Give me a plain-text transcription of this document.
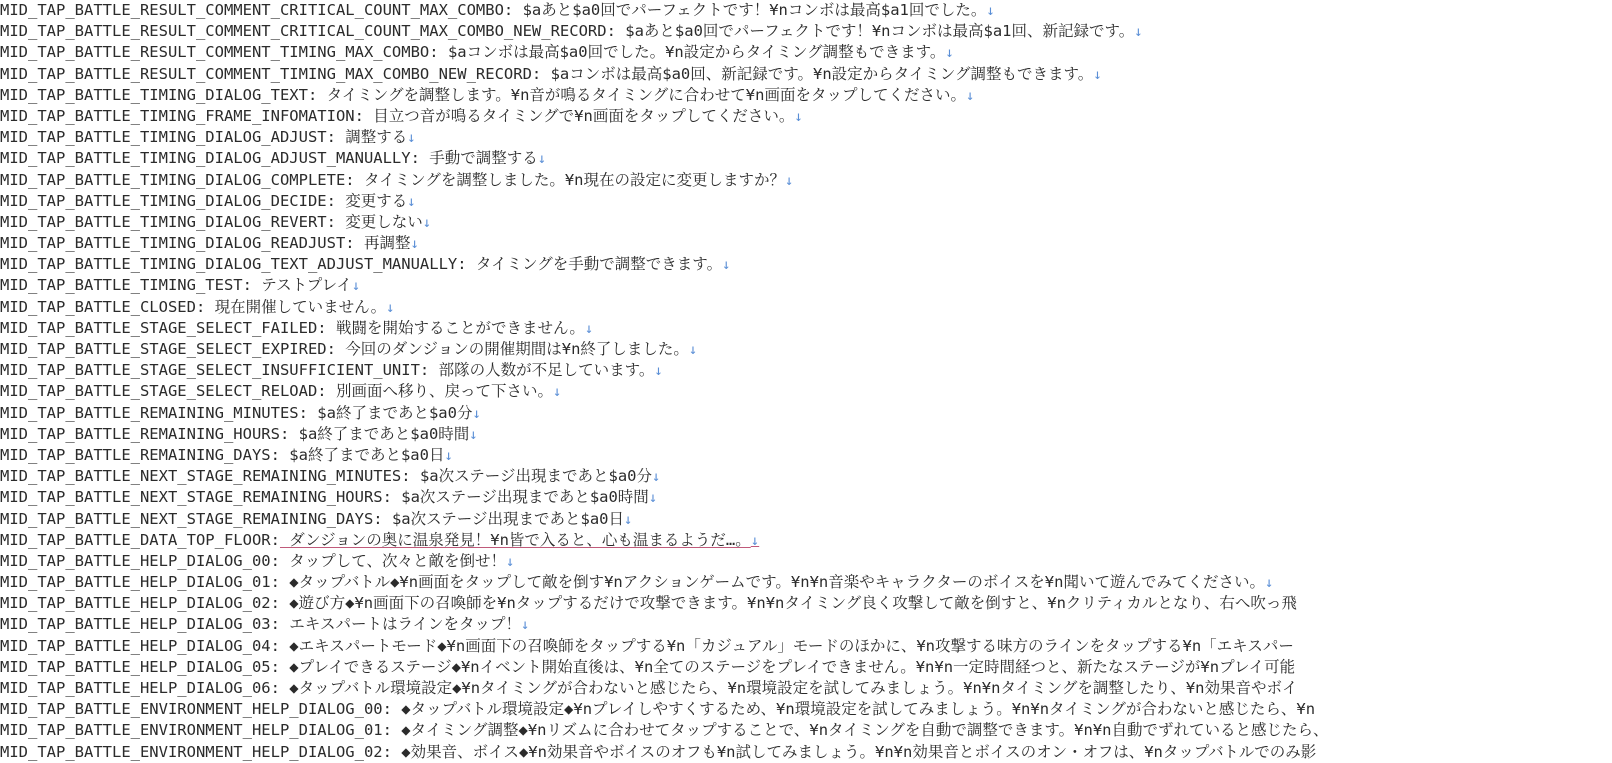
MID_TAP_BATTLE_RESULT_COMMENT_CRITICAL_COUNT_MAX_COMBO: $aあと$a0回でパーフェクトです！¥nコンボは最高$a1回でした。↓
MID_TAP_BATTLE_RESULT_COMMENT_CRITICAL_COUNT_MAX_COMBO_NEW_RECORD: $aあと$a0回でパーフェクトです！¥nコンボは最高$a1回、新記録です。↓
MID_TAP_BATTLE_RESULT_COMMENT_TIMING_MAX_COMBO: $aコンボは最高$a0回でした。¥n設定からタイミング調整もできます。↓
MID_TAP_BATTLE_RESULT_COMMENT_TIMING_MAX_COMBO_NEW_RECORD: $aコンボは最高$a0回、新記録です。¥n設定からタイミング調整もできます。↓
MID_TAP_BATTLE_TIMING_DIALOG_TEXT: タイミングを調整します。¥n音が鳴るタイミングに合わせて¥n画面をタップしてください。↓
MID_TAP_BATTLE_TIMING_FRAME_INFOMATION: 目立つ音が鳴るタイミングで¥n画面をタップしてください。↓
MID_TAP_BATTLE_TIMING_DIALOG_ADJUST: 調整する↓
MID_TAP_BATTLE_TIMING_DIALOG_ADJUST_MANUALLY: 手動で調整する↓
MID_TAP_BATTLE_TIMING_DIALOG_COMPLETE: タイミングを調整しました。¥n現在の設定に変更しますか？↓
MID_TAP_BATTLE_TIMING_DIALOG_DECIDE: 変更する↓
MID_TAP_BATTLE_TIMING_DIALOG_REVERT: 変更しない↓
MID_TAP_BATTLE_TIMING_DIALOG_READJUST: 再調整↓
MID_TAP_BATTLE_TIMING_DIALOG_TEXT_ADJUST_MANUALLY: タイミングを手動で調整できます。↓
MID_TAP_BATTLE_TIMING_TEST: テストプレイ↓
MID_TAP_BATTLE_CLOSED: 現在開催していません。↓
MID_TAP_BATTLE_STAGE_SELECT_FAILED: 戦闘を開始することができません。↓
MID_TAP_BATTLE_STAGE_SELECT_EXPIRED: 今回のダンジョンの開催期間は¥n終了しました。↓
MID_TAP_BATTLE_STAGE_SELECT_INSUFFICIENT_UNIT: 部隊の人数が不足しています。↓
MID_TAP_BATTLE_STAGE_SELECT_RELOAD: 別画面へ移り、戻って下さい。↓
MID_TAP_BATTLE_REMAINING_MINUTES: $a終了まであと$a0分↓
MID_TAP_BATTLE_REMAINING_HOURS: $a終了まであと$a0時間↓
MID_TAP_BATTLE_REMAINING_DAYS: $a終了まであと$a0日↓
MID_TAP_BATTLE_NEXT_STAGE_REMAINING_MINUTES: $a次ステージ出現まであと$a0分↓
MID_TAP_BATTLE_NEXT_STAGE_REMAINING_HOURS: $a次ステージ出現まであと$a0時間↓
MID_TAP_BATTLE_NEXT_STAGE_REMAINING_DAYS: $a次ステージ出現まであと$a0日↓
MID_TAP_BATTLE_DATA_TOP_FLOOR: ダンジョンの奥に温泉発見！¥n皆で入ると、心も温まるようだ…。↓
MID_TAP_BATTLE_HELP_DIALOG_00: タップして、次々と敵を倒せ！↓
MID_TAP_BATTLE_HELP_DIALOG_01: ◆タップバトル◆¥n画面をタップして敵を倒す¥nアクションゲームです。¥n¥n音楽やキャラクターのボイスを¥n聞いて遊んでみてください。↓
MID_TAP_BATTLE_HELP_DIALOG_02: ◆遊び方◆¥n画面下の召喚師を¥nタップするだけで攻撃できます。¥n¥nタイミング良く攻撃して敵を倒すと、¥nクリティカルとなり、右へ吹っ飛
MID_TAP_BATTLE_HELP_DIALOG_03: エキスパートはラインをタップ！↓
MID_TAP_BATTLE_HELP_DIALOG_04: ◆エキスパートモード◆¥n画面下の召喚師をタップする¥n「カジュアル」モードのほかに、¥n攻撃する味方のラインをタップする¥n「エキスパー
MID_TAP_BATTLE_HELP_DIALOG_05: ◆プレイできるステージ◆¥nイベント開始直後は、¥n全てのステージをプレイできません。¥n¥n一定時間経つと、新たなステージが¥nプレイ可能
MID_TAP_BATTLE_HELP_DIALOG_06: ◆タップバトル環境設定◆¥nタイミングが合わないと感じたら、¥n環境設定を試してみましょう。¥n¥nタイミングを調整したり、¥n効果音やボイ
MID_TAP_BATTLE_ENVIRONMENT_HELP_DIALOG_00: ◆タップバトル環境設定◆¥nプレイしやすくするため、¥n環境設定を試してみましょう。¥n¥nタイミングが合わないと感じたら、¥n
MID_TAP_BATTLE_ENVIRONMENT_HELP_DIALOG_01: ◆タイミング調整◆¥nリズムに合わせてタップすることで、¥nタイミングを自動で調整できます。¥n¥n自動でずれていると感じたら、
MID_TAP_BATTLE_ENVIRONMENT_HELP_DIALOG_02: ◆効果音、ボイス◆¥n効果音やボイスのオフも¥n試してみましょう。¥n¥n効果音とボイスのオン・オフは、¥nタップバトルでのみ影
